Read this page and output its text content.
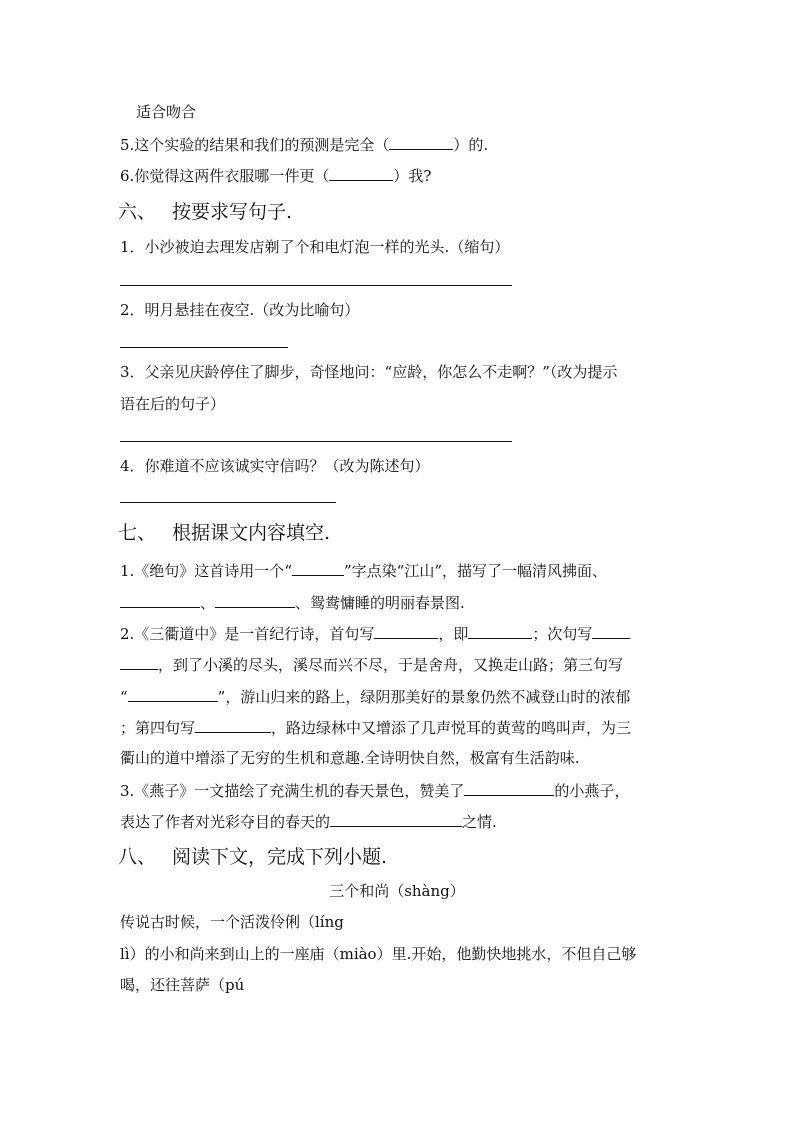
适合吻合
5.这个实验的结果和我们的预测是完全（	）的.
6.你觉得这两件衣服哪一件更（	）我?
六、 按要求写句子.
1．小沙被迫去理发店剃了个和电灯泡一样的光头.（缩句）
2．明月悬挂在夜空.（改为比喻句）
3．父亲见庆龄停住了脚步，奇怪地问：“应龄，你怎么不走啊？”（改为提示
语在后的句子）
4．你难道不应该诚实守信吗？（改为陈述句）
七、 根据课文内容填空.
1.《绝句》这首诗用一个“	”字点染“江山”，描写了一幅清风拂面、
、	、鸳鸯慵睡的明丽春景图.
2.《三衢道中》是一首纪行诗，首句写	，即	；次句写
，到了小溪的尽头，溪尽而兴不尽，于是舍舟，又换走山路；第三句写
“	”，游山归来的路上，绿阴那美好的景象仍然不减登山时的浓郁
；第四句写	，路边绿林中又增添了几声悦耳的黄莺的鸣叫声，为三
衢山的道中增添了无穷的生机和意趣.全诗明快自然，极富有生活韵味.
3.《燕子》一文描绘了充满生机的春天景色，赞美了	的小燕子，
表达了作者对光彩夺目的春天的	之情.
八、 阅读下文，完成下列小题.
三个和尚（shàng）
传说古时候，一个活泼伶俐（líng
lì）的小和尚来到山上的一座庙（miào）里.开始，他勤快地挑水，不但自己够
喝，还往菩萨（pú
